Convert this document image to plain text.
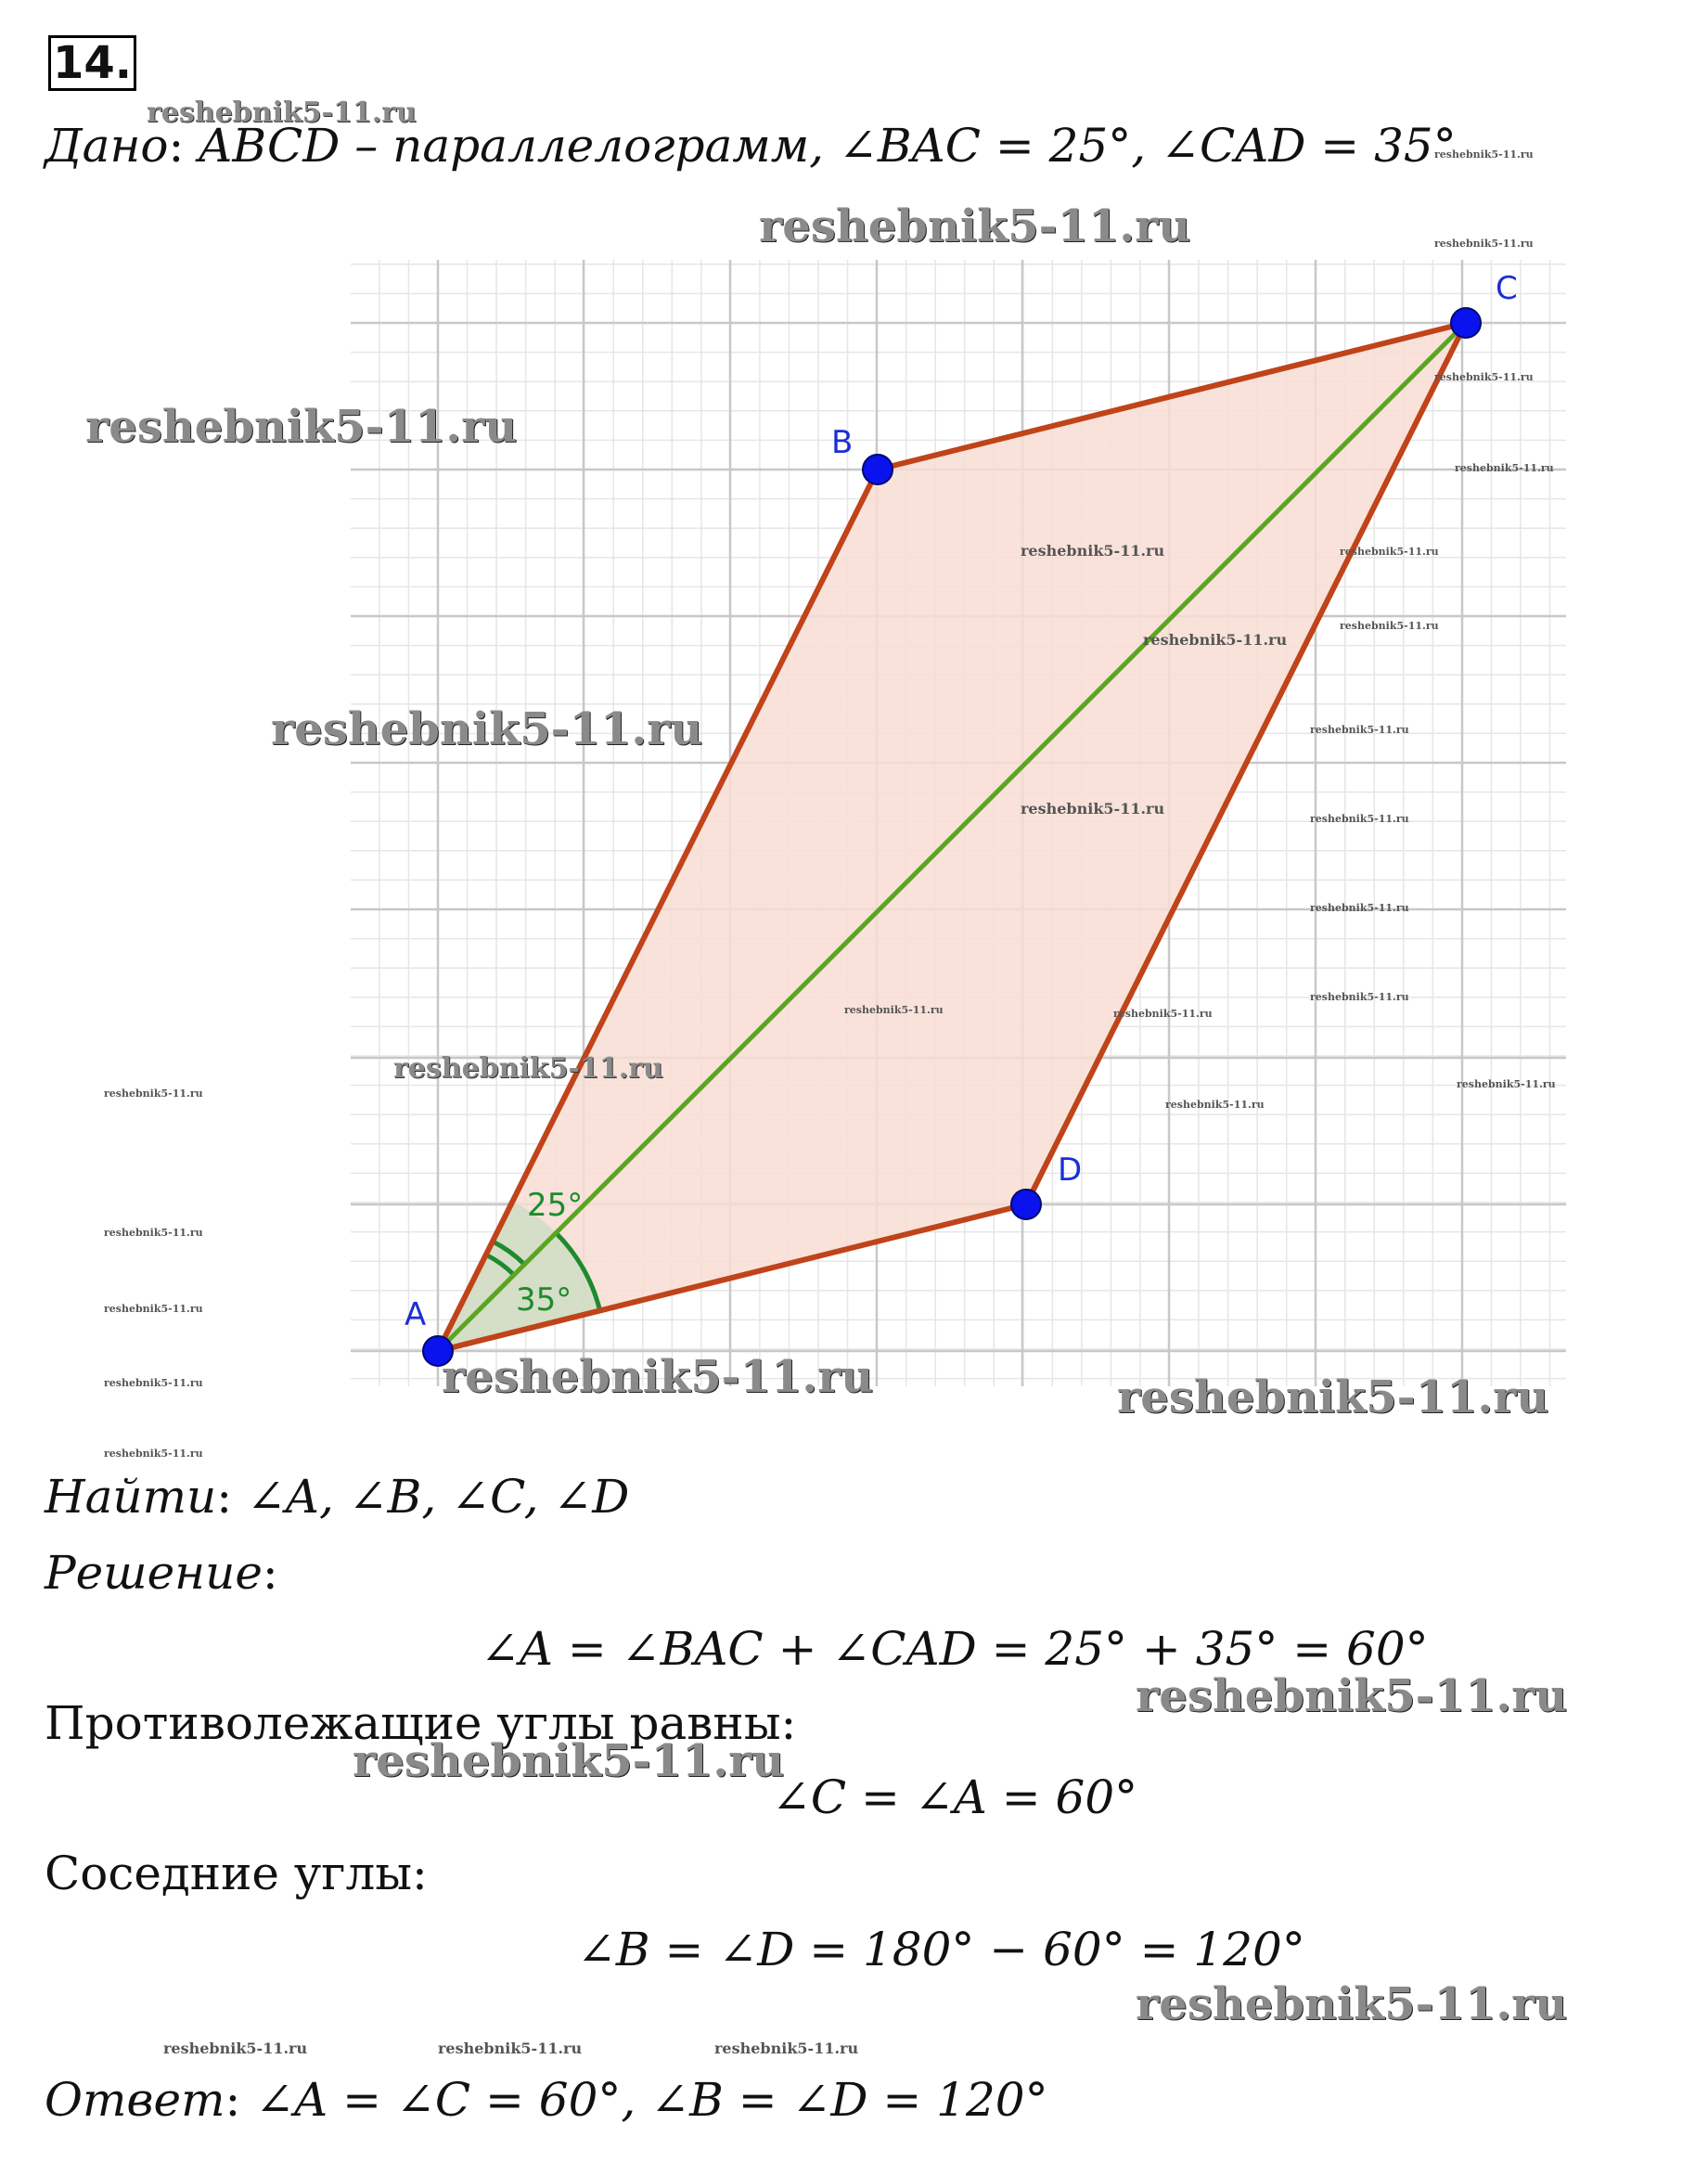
14.
Дано: ABCD – параллелограмм, ∠BAC = 25°, ∠CAD = 35°
A
B
C
D
25°
35°
Найти: ∠A, ∠B, ∠C, ∠D
Решение:
∠A = ∠BAC + ∠CAD = 25° + 35° = 60°
Противолежащие углы равны:
∠C = ∠A = 60°
Соседние углы:
∠B = ∠D = 180° − 60° = 120°
Ответ: ∠A = ∠C = 60°, ∠B = ∠D = 120°
reshebnik5-11.ru
reshebnik5-11.ru
reshebnik5-11.ru	reshebnik5-11.ru
reshebnik5-11.ru
reshebnik5-11.ru
reshebnik5-11.ru
reshebnik5-11.ru	reshebnik5-11.ru
reshebnik5-11.ru
reshebnik5-11.ru
reshebnik5-11.ru	reshebnik5-11.ru
reshebnik5-11.ru
reshebnik5-11.ru
reshebnik5-11.ru
reshebnik5-11.ru
reshebnik5-11.ru	reshebnik5-11.ru
reshebnik5-11.ru	reshebnik5-11.ru
reshebnik5-11.ru
reshebnik5-11.ru
reshebnik5-11.ru
reshebnik5-11.ru
reshebnik5-11.ru
reshebnik5-11.ru	reshebnik5-11.ru
reshebnik5-11.ru
reshebnik5-11.ru
reshebnik5-11.ru
reshebnik5-11.ru
reshebnik5-11.ru	reshebnik5-11.ru	reshebnik5-11.ru
